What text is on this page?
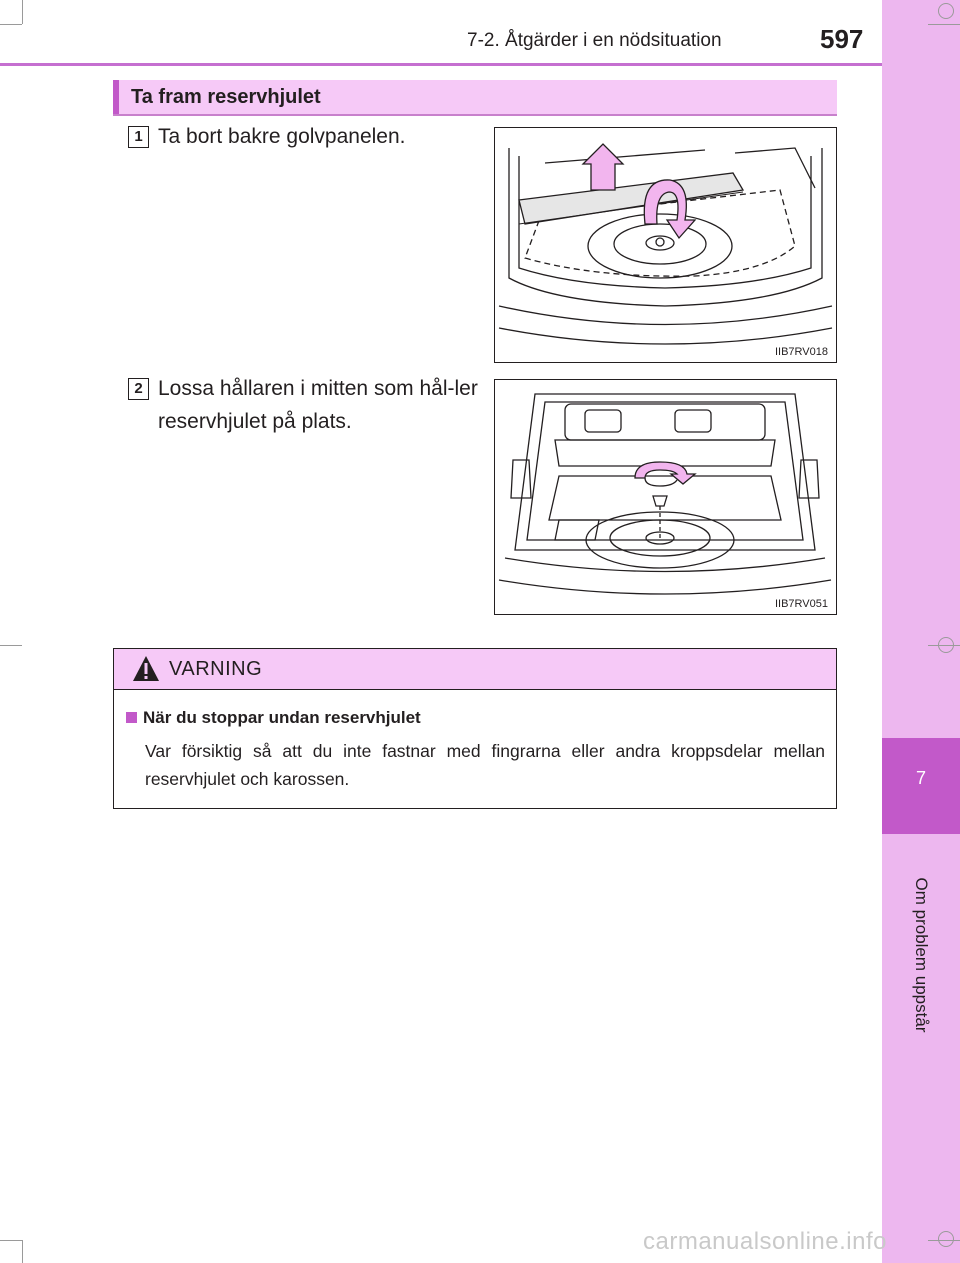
7-2. Åtgärder i en nödsituation	597
7
Om problem uppstår
Ta fram reservhjulet
1 Ta bort bakre golvpanelen.
IIB7RV018
2 Lossa hållaren i mitten som hål-ler reservhjulet på plats.
IIB7RV051
VARNING
När du stoppar undan reservhjulet
Var försiktig så att du inte fastnar med fingrarna eller andra kroppsdelar mellan reservhjulet och karossen.
carmanualsonline.info
